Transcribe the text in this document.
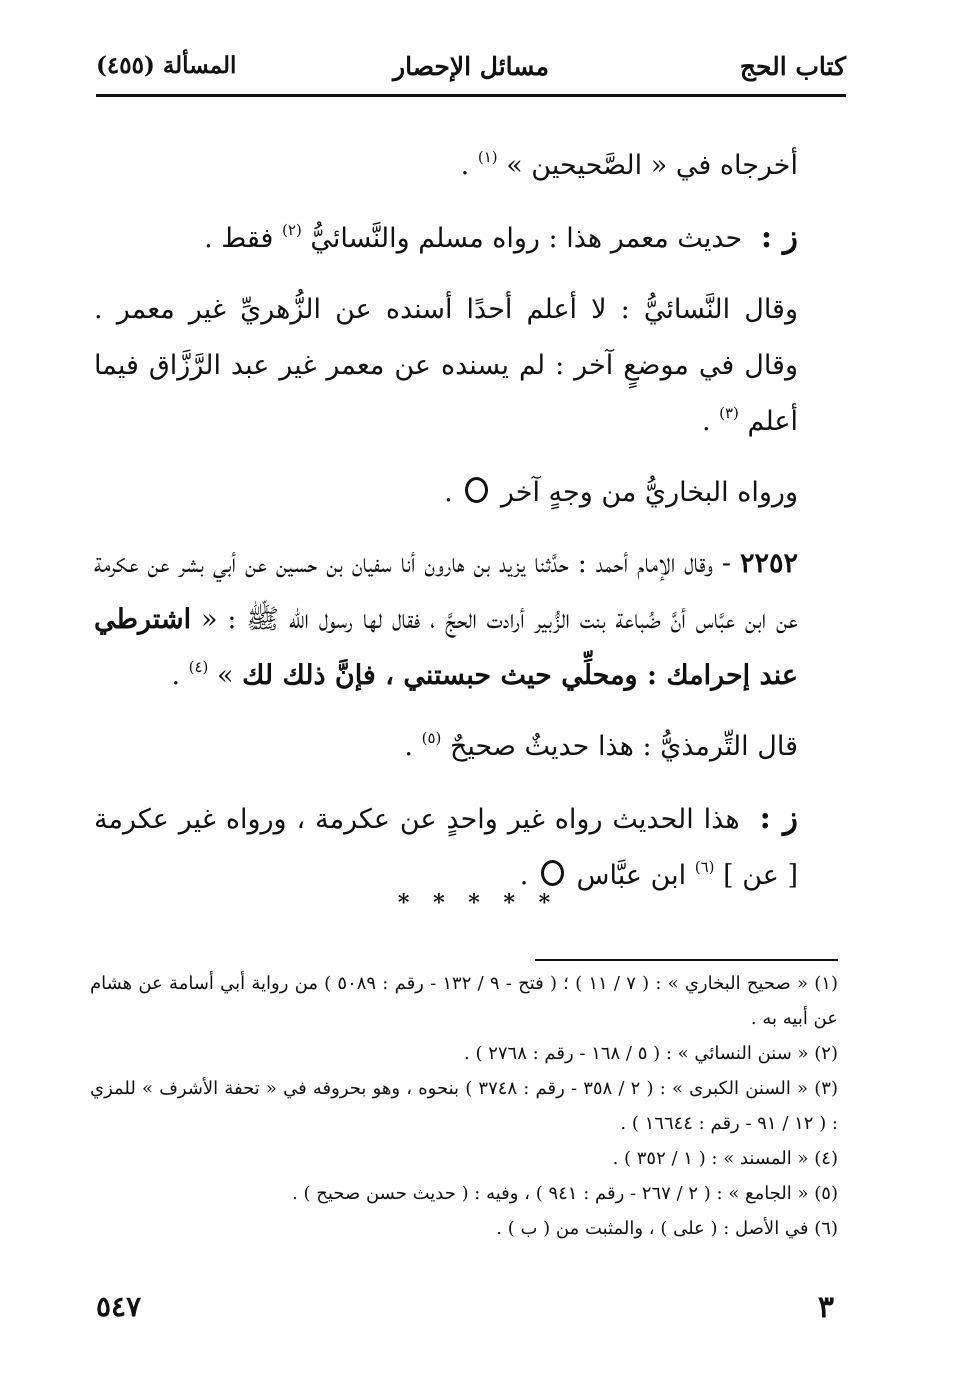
كتاب الحج
مسائل الإحصار
المسألة (٤٥٥)

أخرجاه في « الصَّحيحين » $^{(١)}$ .

ز : حديث معمر هذا : رواه مسلم والنَّسائيُّ $^{(٢)}$ فقط .

وقال النَّسائيُّ : لا أعلم أحدًا أسنده عن الزُّهريِّ غير معمر . وقال في موضعٍ آخر : لم يسنده عن معمر غير عبد الرَّزَّاق فيما أعلم $^{(٣)}$ .

ورواه البخاريُّ من وجهٍ آخر  .

٢٢٥٢ - وقال الإمام أحمد : حدَّثنا يزيد بن هارون أنا سفيان بن حسين عن أبي بشر عن عكرمة عن ابن عبَّاس أنَّ ضُباعة بنت الزُّبير أرادت الحجَّ ، فقال لها رسول الله ﷺ : « اشترطي عند إحرامك : ومحلِّي حيث حبستني ، فإنَّ ذلك لك » $^{(٤)}$ .

قال التِّرمذيُّ : هذا حديثٌ صحيحٌ $^{(٥)}$ .

ز : هذا الحديث رواه غير واحدٍ عن عكرمة ، ورواه غير عكرمة [ عن ] $^{(٦)}$ ابن عبَّاس  .

* * * * *

(١) « صحيح البخاري » : ( ٧ / ١١ ) ؛ ( فتح - ٩ / ١٣٢ - رقم : ٥٠٨٩ ) من رواية أبي أسامة عن هشام عن أبيه به .

(٢) « سنن النسائي » : ( ٥ / ١٦٨ - رقم : ٢٧٦٨ ) .

(٣) « السنن الكبرى » : ( ٢ / ٣٥٨ - رقم : ٣٧٤٨ ) بنحوه ، وهو بحروفه في « تحفة الأشرف » للمزي : ( ١٢ / ٩١ - رقم : ١٦٦٤٤ ) .

(٤) « المسند » : ( ١ / ٣٥٢ ) .

(٥) « الجامع » : ( ٢ / ٢٦٧ - رقم : ٩٤١ ) ، وفيه : ( حديث حسن صحيح ) .

(٦) في الأصل : ( على ) ، والمثبت من ( ب ) .

٥٤٧	٣
